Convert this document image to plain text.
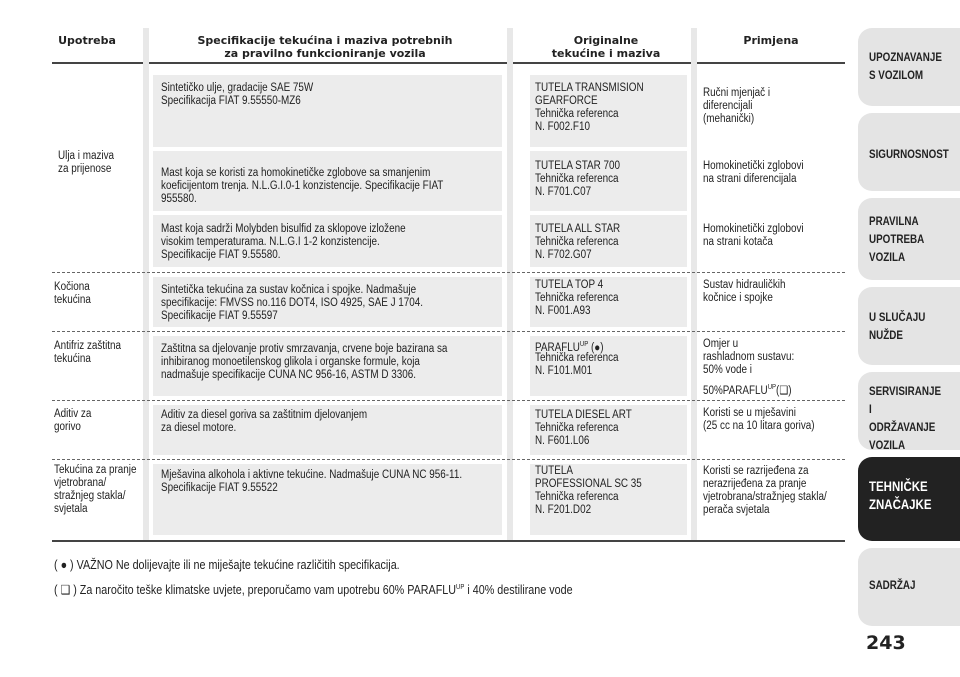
Upotreba	Specifikacije tekućina i maziva potrebnih
za pravilno funkcioniranje vozila
Originalne
tekućine i maziva
Primjena
Ulja i maziva
za prijenose
Kočiona
tekućina
Antifriz zaštitna
tekućina
Aditiv za
gorivo
Tekućina za pranje
vjetrobrana/
stražnjeg stakla/
svjetala
Sintetičko ulje, gradacije SAE 75W
Specifikacija FIAT 9.55550-MZ6
TUTELA TRANSMISION
GEARFORCE
Tehnička referenca
N. F002.F10
Ručni mjenjač i
diferencijali
(mehanički)
Mast koja se koristi za homokinetičke zglobove sa smanjenim
koeficijentom trenja. N.L.G.I.0-1 konzistencije. Specifikacije FIAT
955580.
TUTELA STAR 700
Tehnička referenca
N. F701.C07
Homokinetički zglobovi
na strani diferencijala
Mast koja sadrži Molybden bisulfid za sklopove izložene
visokim temperaturama. N.L.G.I 1-2 konzistencije.
Specifikacije FIAT 9.55580.
TUTELA ALL STAR
Tehnička referenca
N. F702.G07
Homokinetički zglobovi
na strani kotača
Sintetička tekućina za sustav kočnica i spojke. Nadmašuje
specifikacije: FMVSS no.116 DOT4, ISO 4925, SAE J 1704.
Specifikacije FIAT 9.55597
TUTELA TOP 4
Tehnička referenca
N. F001.A93
Sustav hidrauličkih
kočnice i spojke
Zaštitna sa djelovanje protiv smrzavanja, crvene boje bazirana sa
inhibiranog monoetilenskog glikola i organske formule, koja
nadmašuje specifikacije CUNA NC 956-16, ASTM D 3306.
$PARAFLU^{UP}$ (●)
Tehnička referenca
N. F101.M01
Omjer u
rashladnom sustavu:
50% vode i
$50\%PARAFLU^{UP}(❑)$
Aditiv za diesel goriva sa zaštitnim djelovanjem
za diesel motore.
TUTELA DIESEL ART
Tehnička referenca
N. F601.L06
Koristi se u mješavini
(25 cc na 10 litara goriva)
Mješavina alkohola i aktivne tekućine. Nadmašuje CUNA NC 956-11.
Specifikacije FIAT 9.55522
TUTELA
PROFESSIONAL SC 35
Tehnička referenca
N. F201.D02
Koristi se razrijeđena za
nerazrijeđena za pranje
vjetrobrana/stražnjeg stakla/
perača svjetala
( ● ) VAŽNO Ne dolijevajte ili ne miješajte tekućine različitih specifikacija.
( ❑ ) Za naročito teške klimatske uvjete, preporučamo vam upotrebu 60% $PARAFLU^{UP}$ i 40% destilirane vode
UPOZNAVANJE
S VOZILOM
SIGURNOSNOST
PRAVILNA
UPOTREBA
VOZILA
U SLUČAJU
NUŽDE
SERVISIRANJE I
ODRŽAVANJE
VOZILA
TEHNIČKE
ZNAČAJKE
SADRŽAJ
243
